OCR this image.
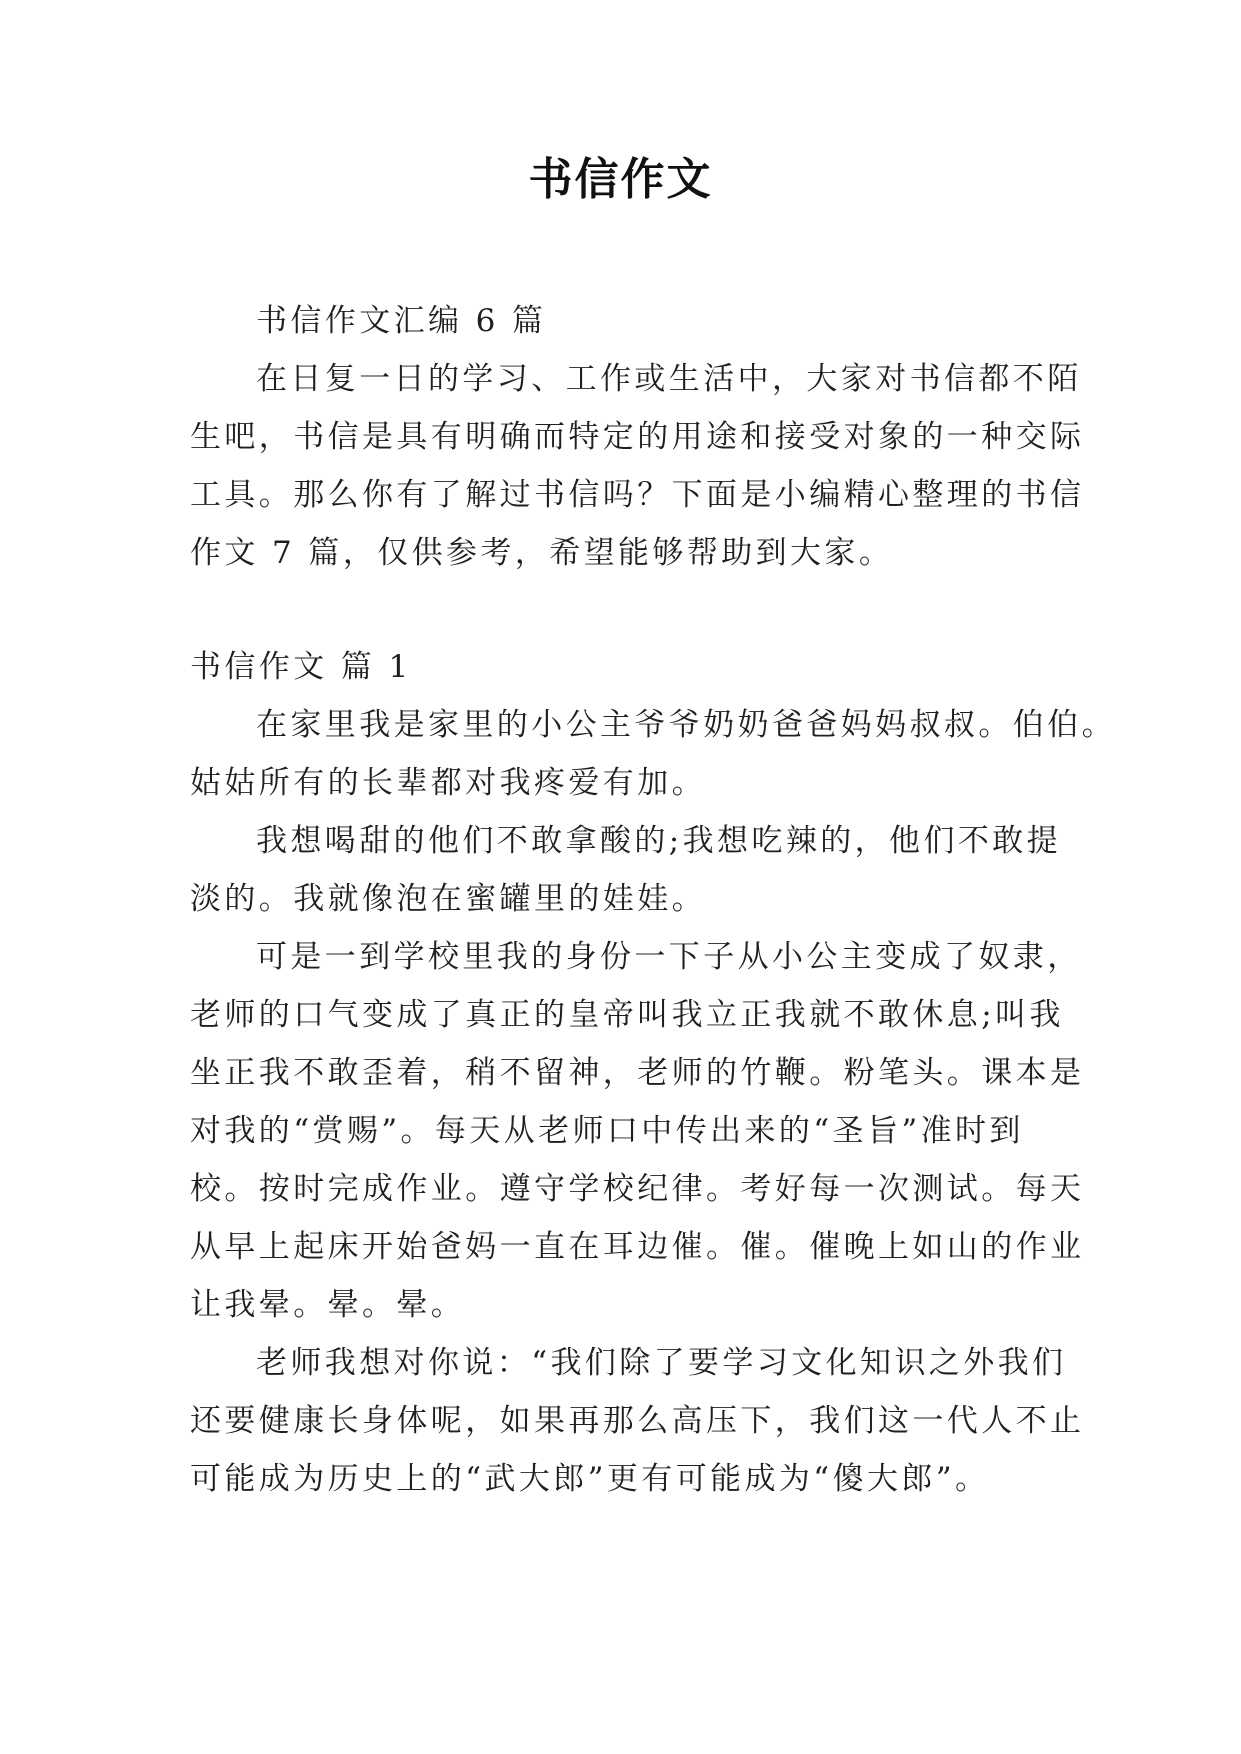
书信作文
书信作文汇编 6 篇
在日复一日的学习、工作或生活中，大家对书信都不陌
生吧，书信是具有明确而特定的用途和接受对象的一种交际
工具。那么你有了解过书信吗？下面是小编精心整理的书信
作文 7 篇，仅供参考，希望能够帮助到大家。
书信作文 篇 1
在家里我是家里的小公主爷爷奶奶爸爸妈妈叔叔。伯伯。
姑姑所有的长辈都对我疼爱有加。
我想喝甜的他们不敢拿酸的;我想吃辣的，他们不敢提
淡的。我就像泡在蜜罐里的娃娃。
可是一到学校里我的身份一下子从小公主变成了奴隶，
老师的口气变成了真正的皇帝叫我立正我就不敢休息;叫我
坐正我不敢歪着，稍不留神，老师的竹鞭。粉笔头。课本是
对我的“赏赐”。每天从老师口中传出来的“圣旨”准时到
校。按时完成作业。遵守学校纪律。考好每一次测试。每天
从早上起床开始爸妈一直在耳边催。催。催晚上如山的作业
让我晕。晕。晕。
老师我想对你说：“我们除了要学习文化知识之外我们
还要健康长身体呢，如果再那么高压下，我们这一代人不止
可能成为历史上的“武大郎”更有可能成为“傻大郎”。
